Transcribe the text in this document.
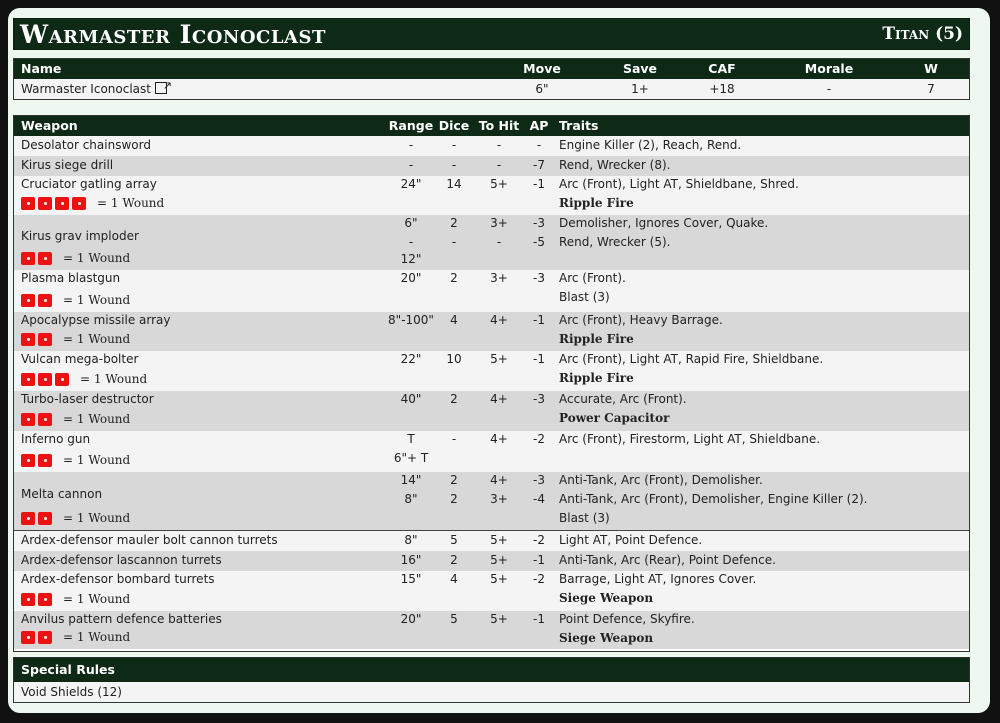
Warmaster Iconoclast	Titan (5)
Name	Move	Save	CAF	Morale	W
Warmaster Iconoclast↗	6"	1+	+18	-	7
Weapon	Range Dice To Hit AP Traits
Desolator chainsword	-	-	-	- Engine Killer (2), Reach, Rend.
Kirus siege drill	-	-	-	-7 Rend, Wrecker (8).
Cruciator gatling array	24" 14 5+ -1 Arc (Front), Light AT, Shieldbane, Shred.
Ripple Fire
= 1 Wound
Kirus grav imploder
6"	2	3+ -3 Demolisher, Ignores Cover, Quake.
-	-	-	-5 Rend, Wrecker (5).
12"
= 1 Wound
Plasma blastgun	20" 2	3+ -3 Arc (Front).
Blast (3)
= 1 Wound
Apocalypse missile array	8"-100" 4	4+ -1 Arc (Front), Heavy Barrage.
Ripple Fire
= 1 Wound
Vulcan mega-bolter	22" 10 5+ -1 Arc (Front), Light AT, Rapid Fire, Shieldbane.
Ripple Fire
= 1 Wound
Turbo-laser destructor	40" 2	4+ -3 Accurate, Arc (Front).
Power Capacitor
= 1 Wound
Inferno gun	T	-	4+ -2 Arc (Front), Firestorm, Light AT, Shieldbane.
6"+ T
= 1 Wound
Melta cannon
14" 2	4+ -3 Anti-Tank, Arc (Front), Demolisher.
8"	2	3+ -4 Anti-Tank, Arc (Front), Demolisher, Engine Killer (2).
Blast (3)
= 1 Wound
Ardex-defensor mauler bolt cannon turrets	8"	5	5+ -2 Light AT, Point Defence.
Ardex-defensor lascannon turrets	16" 2	5+ -1 Anti-Tank, Arc (Rear), Point Defence.
Ardex-defensor bombard turrets	15" 4	5+ -2 Barrage, Light AT, Ignores Cover.
Siege Weapon
= 1 Wound
Anvilus pattern defence batteries	20" 5	5+ -1 Point Defence, Skyfire.
Siege Weapon
= 1 Wound
Special Rules
Void Shields (12)
